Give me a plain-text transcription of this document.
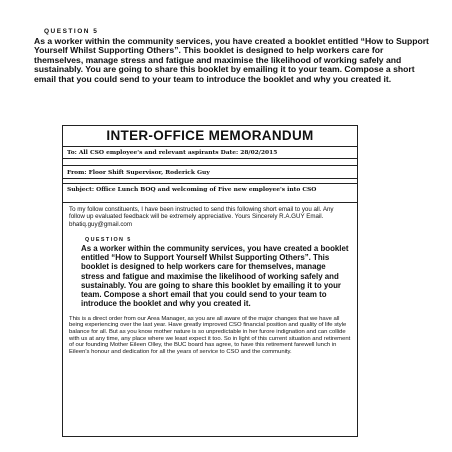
QUESTION 5
As a worker within the community services, you have created a booklet entitled “How to Support Yourself Whilst Supporting Others”. This booklet is designed to help workers care for themselves, manage stress and fatigue and maximise the likelihood of working safely and sustainably. You are going to share this booklet by emailing it to your team. Compose a short email that you could send to your team to introduce the booklet and why you created it.
INTER-OFFICE MEMORANDUM
To: All CSO employee's and relevant aspirants Date: 28/02/2015
From: Floor Shift Supervisor, Roderick Guy
Subject: Office Lunch BOQ and welcoming of Five new employee's into CSO
To my follow constituents, I have been instructed to send this following short email to you all. Any follow up evaluated feedback will be extremely appreciative. Yours Sincerely R.A.GUY Email. bhatiq.guy@gmail.com
QUESTION 5
As a worker within the community services, you have created a booklet entitled “How to Support Yourself Whilst Supporting Others”. This booklet is designed to help workers care for themselves, manage stress and fatigue and maximise the likelihood of working safely and sustainably. You are going to share this booklet by emailing it to your team. Compose a short email that you could send to your team to introduce the booklet and why you created it.
This is a direct order from our Area Manager, as you are all aware of the major changes that we have all being experiencing over the last year. Have greatly improved CSO financial position and quality of life style balance for all. But as you know mother nature is so unpredictable in her furore indignation and can collide with us at any time, any place where we least expect it too. So in light of this current situation and retirement of our founding Mother Eileen Olley, the BUC board has agree, to have this retirement farewell lunch in Eileen's honour and dedication for all the years of service to CSO and the community.
